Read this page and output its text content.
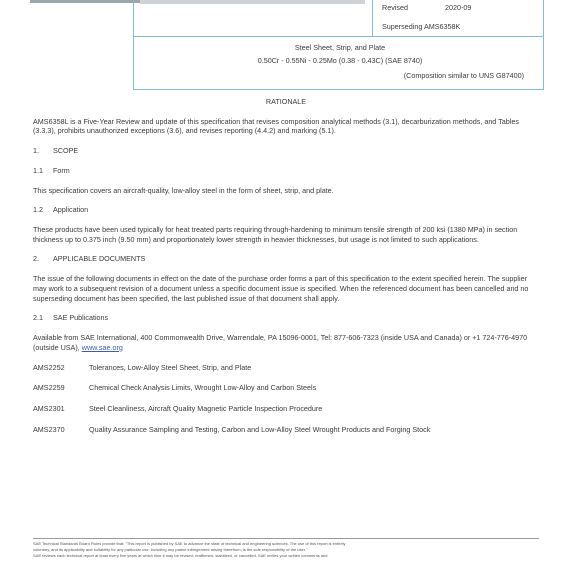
Revised	2020-09
Superseding AMS6358K
Steel Sheet, Strip, and Plate
0.50Cr - 0.55Ni - 0.25Mo (0.38 - 0.43C) (SAE 8740)
(Composition similar to UNS G87400)
RATIONALE

AMS6358L is a Five-Year Review and update of this specification that revises composition analytical methods (3.1), decarburization methods, and Tables (3.3.3), prohibits unauthorized exceptions (3.6), and revises reporting (4.4.2) and marking (5.1).

1. SCOPE
1.1 Form

This specification covers an aircraft-quality, low-alloy steel in the form of sheet, strip, and plate.

1.2 Application

These products have been used typically for heat treated parts requiring through-hardening to minimum tensile strength of 200 ksi (1380 MPa) in section thickness up to 0.375 inch (9.50 mm) and proportionately lower strength in heavier thicknesses, but usage is not limited to such applications.

2. APPLICABLE DOCUMENTS

The issue of the following documents in effect on the date of the purchase order forms a part of this specification to the extent specified herein. The supplier may work to a subsequent revision of a document unless a specific document issue is specified. When the referenced document has been cancelled and no superseding document has been specified, the last published issue of that document shall apply.

2.1 SAE Publications

Available from SAE International, 400 Commonwealth Drive, Warrendale, PA 15096-0001, Tel: 877-606-7323 (inside USA and Canada) or +1 724-776-4970 (outside USA), www.sae.org

AMS2252	Tolerances, Low-Alloy Steel Sheet, Strip, and Plate
AMS2259	Chemical Check Analysis Limits, Wrought Low-Alloy and Carbon Steels
AMS2301	Steel Cleanliness, Aircraft Quality Magnetic Particle Inspection Procedure
AMS2370	Quality Assurance Sampling and Testing, Carbon and Low-Alloy Steel Wrought Products and Forging Stock
SAE Technical Standards Board Rules provide that: "This report is published by SAE to advance the state of technical and engineering sciences. The use of this report is entirely
voluntary, and its applicability and suitability for any particular use, including any patent infringement arising therefrom, is the sole responsibility of the user."
SAE reviews each technical report at least every five years at which time it may be revised, reaffirmed, stabilized, or cancelled. SAE invites your written comments and
